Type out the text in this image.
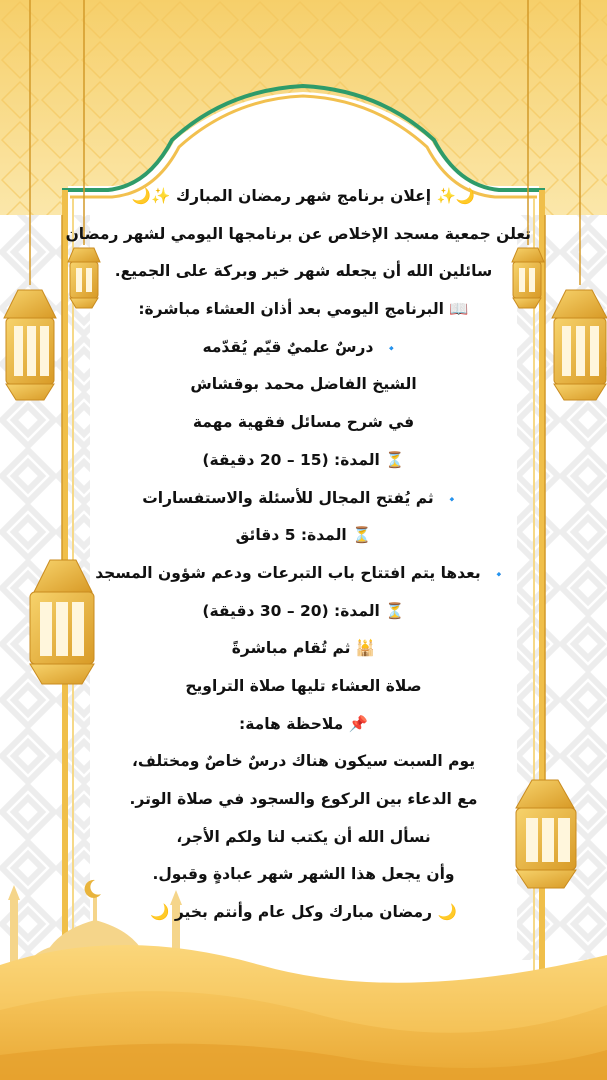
🌙✨ إعلان برنامج شهر رمضان المبارك ✨🌙
تعلن جمعية مسجد الإخلاص عن برنامجها اليومي لشهر رمضان
سائلين الله أن يجعله شهر خير وبركة على الجميع.
📖 البرنامج اليومي بعد أذان العشاء مباشرة:
🔹 درسٌ علميٌ قيّم يُقدّمه
الشيخ الفاضل محمد بوقشاش
في شرح مسائل فقهية مهمة
⏳ المدة: (15 – 20 دقيقة)
🔹 ثم يُفتح المجال للأسئلة والاستفسارات
⏳ المدة: 5 دقائق
🔹 بعدها يتم افتتاح باب التبرعات ودعم شؤون المسجد
⏳ المدة: (20 – 30 دقيقة)
🕌 ثم تُقام مباشرةً
صلاة العشاء تليها صلاة التراويح
📌 ملاحظة هامة:
يوم السبت سيكون هناك درسٌ خاصٌ ومختلف،
مع الدعاء بين الركوع والسجود في صلاة الوتر.
نسأل الله أن يكتب لنا ولكم الأجر،
وأن يجعل هذا الشهر شهر عبادةٍ وقبول.
🌙 رمضان مبارك وكل عام وأنتم بخير 🌙
